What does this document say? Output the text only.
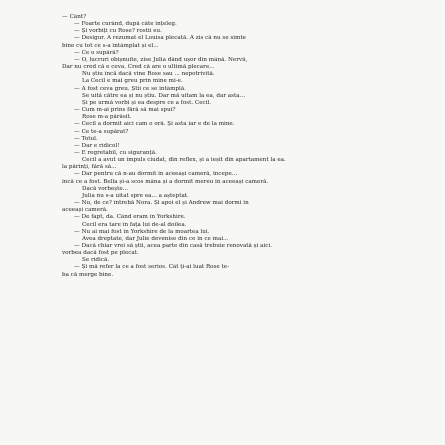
— Cânt?
— Foarte curând, după câte înțeleg.
— Și vorbiți cu Rose? rostii eu.
— Desigur. A rezumat el Louisa plecată. A zis că nu se simte
bine cu tot ce s-a întâmplat și el...
— Ce o supără?
— O, lucruri obișnuite, zise Julia dând ușor din mână. Nervii,
Dar nu cred că e ceva. Cred că are o ultimă plecare...
Nu știu încă dacă vine Rose sau ... nepotrivită.
La Cecil e mai greu prin mine mi-e.
— A fost ceva greu. Știi ce se întâmplă.
Se uită către ea și nu știu. Dar mă uitam la ea, dar asta...
Și pe urmă vorbi și ea despre ce a fost. Cecil.
— Cum m-ai prins fără să mai spui?
Rose m-a părăsit.
— Cecil a dormit aici cam o oră. Și asta iar e de la mine.
— Ce te-a supărat?
— Totul.
— Dar e ridicol!
— E regretabil, cu siguranță.
Cecil a avut un impuls ciudat, din reflex, și a ieșit din apartament la ea.
la părinți, fără să...
— Dar pentru că n-au dormit în aceeași cameră, începe...
încă ce a fost. Bella și-a scos mâna și a dormit mereu în aceeași cameră.
Dacă vorbește...
Julia nu s-a uitat spre ea... a așteptat.
— Nu, de ce? întrebă Nora. Și apoi el și Andrew mai dormi în
aceeași cameră.
— De fapt, da. Când eram în Yorkshire.
Cecil era tare în fața lui de-al doilea.
— Nu ai mai fost în Yorkshire de la moartea lui.
Avea dreptate, dar Julie devenise din ce în ce mai...
— Dacă chiar vrei să știi, acea parte din casă trebuie renovată și aici.
vorbea dacă fost pe plecat.
Se ridică.
— Și mă refer la ce a fost serios. Cât ți-ai luat Rose te-
ba că merge bine.
